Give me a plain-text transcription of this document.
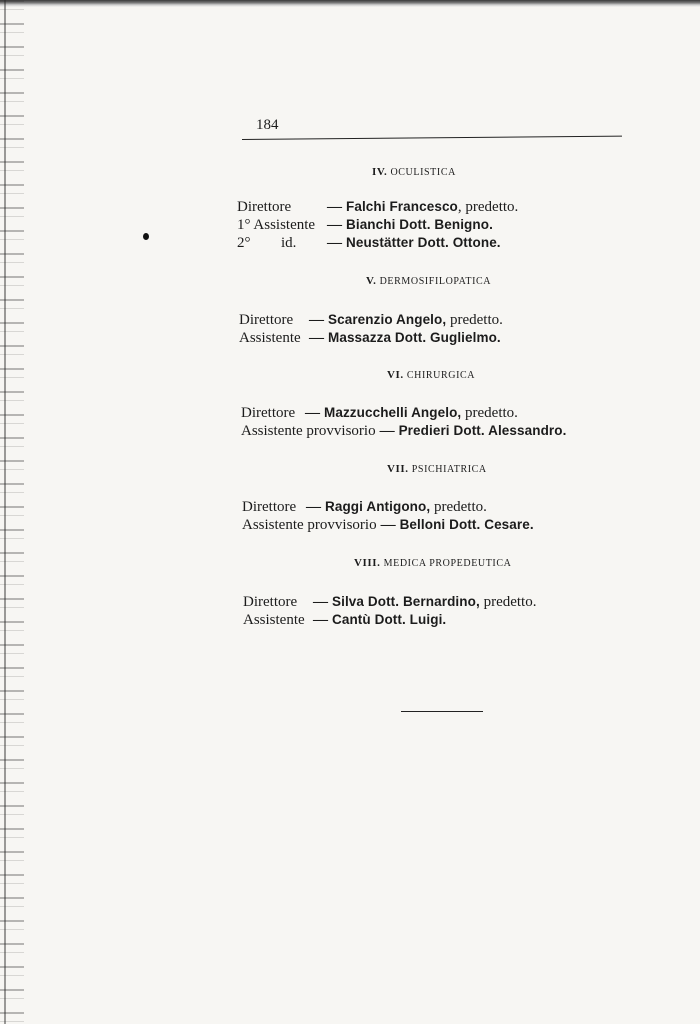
184
IV. OCULISTICA
Direttore — Falchi Francesco, predetto.
1° Assistente — Bianchi Dott. Benigno.
2° id. — Neustätter Dott. Ottone.
V. DERMOSIFILOPATICA
Direttore — Scarenzio Angelo, predetto.
Assistente — Massazza Dott. Guglielmo.
VI. CHIRURGICA
Direttore — Mazzucchelli Angelo, predetto.
Assistente provvisorio — Predieri Dott. Alessandro.
VII. PSICHIATRICA
Direttore — Raggi Antigono, predetto.
Assistente provvisorio — Belloni Dott. Cesare.
VIII. MEDICA PROPEDEUTICA
Direttore — Silva Dott. Bernardino, predetto.
Assistente — Cantù Dott. Luigi.
